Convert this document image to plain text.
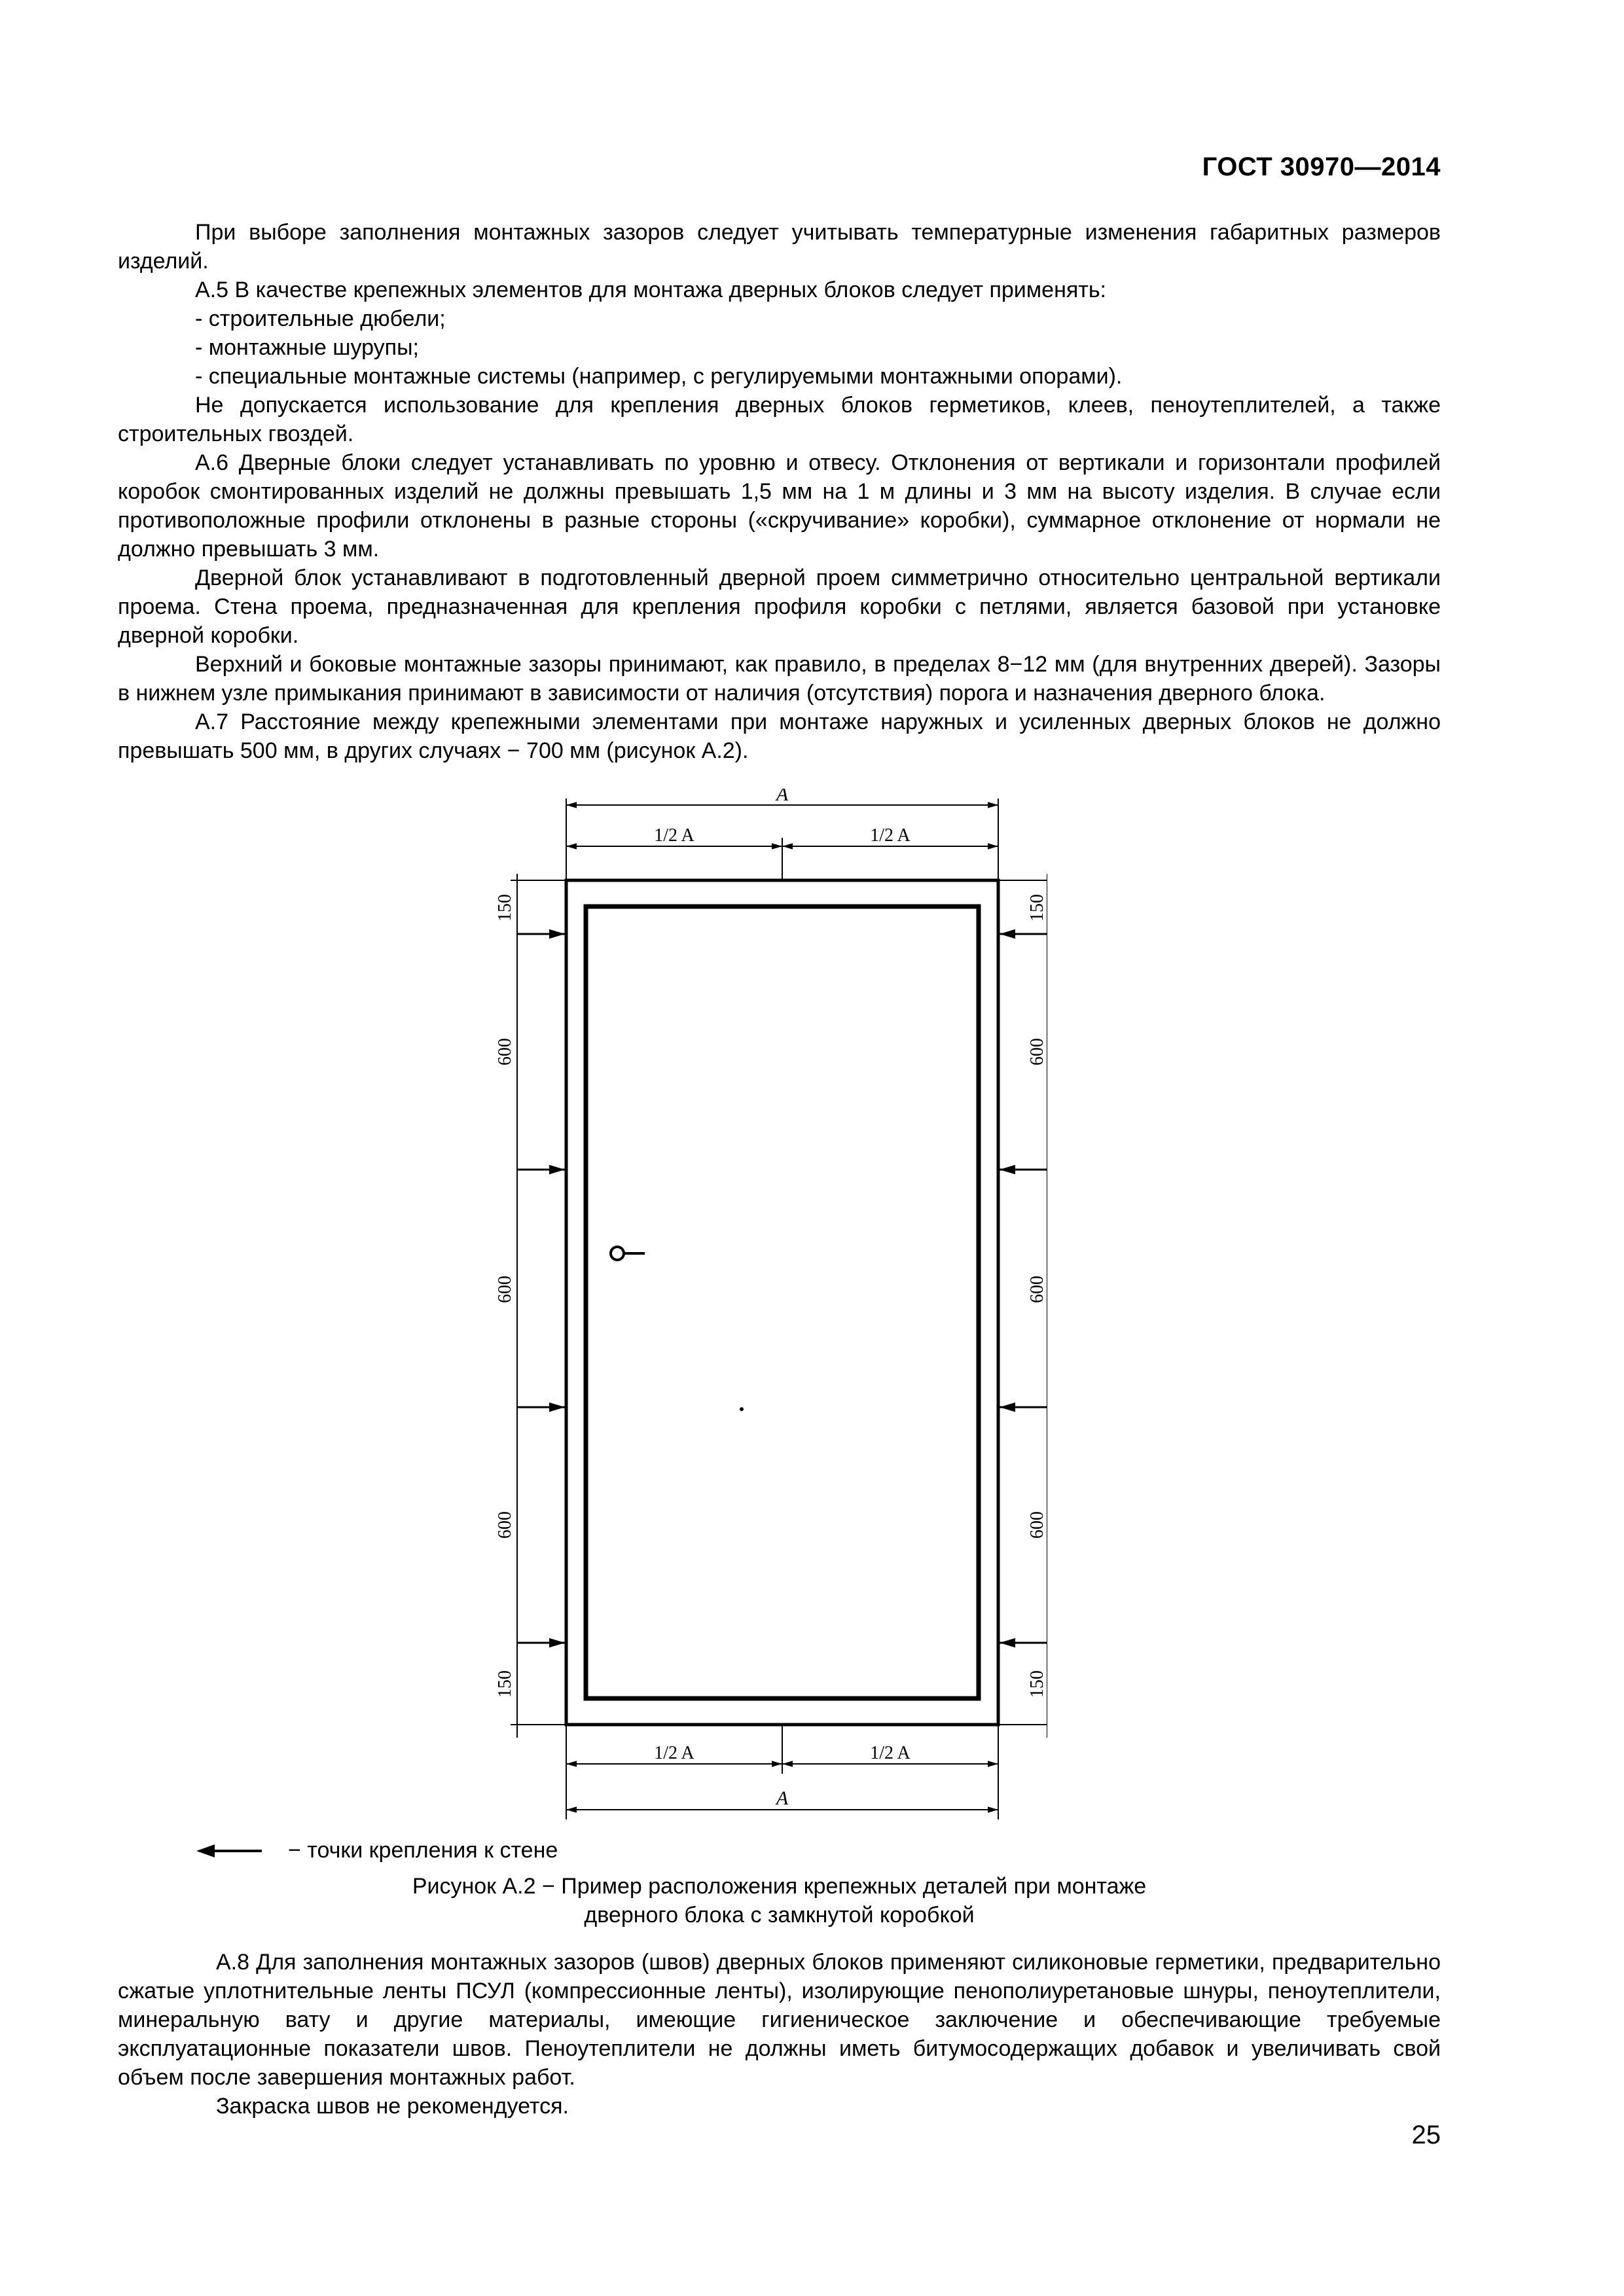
ГОСТ 30970—2014

При выборе заполнения монтажных зазоров следует учитывать температурные изменения габаритных размеров изделий.

А.5 В качестве крепежных элементов для монтажа дверных блоков следует применять:

- строительные дюбели;

- монтажные шурупы;

- специальные монтажные системы (например, с регулируемыми монтажными опорами).

Не допускается использование для крепления дверных блоков герметиков, клеев, пеноутеплителей, а также строительных гвоздей.

А.6 Дверные блоки следует устанавливать по уровню и отвесу. Отклонения от вертикали и горизонтали профилей коробок смонтированных изделий не должны превышать 1,5 мм на 1 м длины и 3 мм на высоту изделия. В случае если противоположные профили отклонены в разные стороны («скручивание» коробки), суммарное отклонение от нормали не должно превышать 3 мм.

Дверной блок устанавливают в подготовленный дверной проем симметрично относительно центральной вертикали проема. Стена проема, предназначенная для крепления профиля коробки с петлями, является базовой при установке дверной коробки.

Верхний и боковые монтажные зазоры принимают, как правило, в пределах 8−12 мм (для внутренних дверей). Зазоры в нижнем узле примыкания принимают в зависимости от наличия (отсутствия) порога и назначения дверного блока.

А.7 Расстояние между крепежными элементами при монтаже наружных и усиленных дверных блоков не должно превышать 500 мм, в других случаях − 700 мм (рисунок А.2).

A
1/2 A	1/2 A
1/2 A	1/2 A
A
150
600
600
600
150
150
600
600
600
150
− точки крепления к стене
Рисунок А.2 − Пример расположения крепежных деталей при монтаже
дверного блока с замкнутой коробкой

А.8 Для заполнения монтажных зазоров (швов) дверных блоков применяют силиконовые герметики, предварительно сжатые уплотнительные ленты ПСУЛ (компрессионные ленты), изолирующие пенополиуретановые шнуры, пеноутеплители, минеральную вату и другие материалы, имеющие гигиеническое заключение и обеспечивающие требуемые эксплуатационные показатели швов. Пеноутеплители не должны иметь битумосодержащих добавок и увеличивать свой объем после завершения монтажных работ.

Закраска швов не рекомендуется.

25
